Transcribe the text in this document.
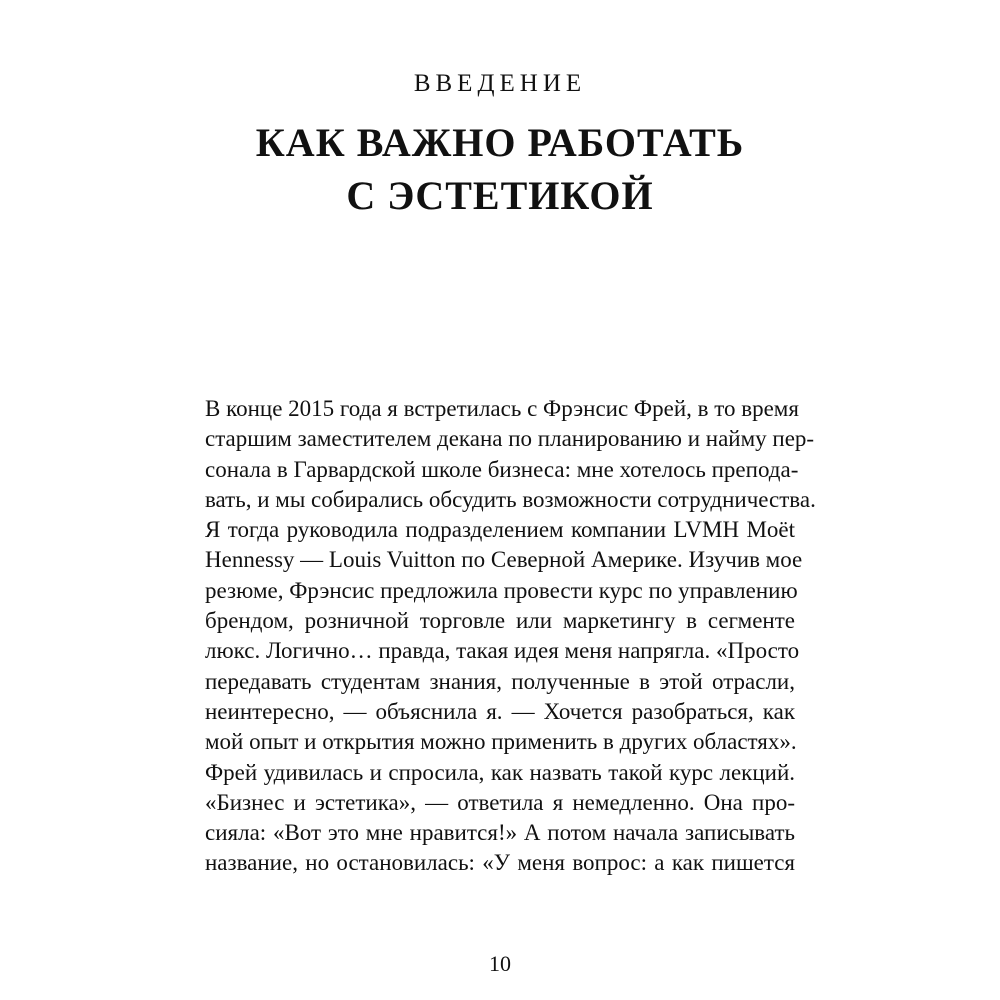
ВВЕДЕНИЕ
КАК ВАЖНО РАБОТАТЬ
С ЭСТЕТИКОЙ
В конце 2015 года я встретилась с Фрэнсис Фрей, в то время
старшим заместителем декана по планированию и найму пер-
сонала в Гарвардской школе бизнеса: мне хотелось препода-
вать, и мы собирались обсудить возможности сотрудничества.
Я тогда руководила подразделением компании LVMH Moët
Hennessy — Louis Vuitton по Северной Америке. Изучив мое
резюме, Фрэнсис предложила провести курс по управлению
брендом, розничной торговле или маркетингу в сегменте
люкс. Логично… правда, такая идея меня напрягла. «Просто
передавать студентам знания, полученные в этой отрасли,
неинтересно, — объяснила я. — Хочется разобраться, как
мой опыт и открытия можно применить в других областях».
Фрей удивилась и спросила, как назвать такой курс лекций.
«Бизнес и эстетика», — ответила я немедленно. Она про-
сияла: «Вот это мне нравится!» А потом начала записывать
название, но остановилась: «У меня вопрос: а как пишется
10
